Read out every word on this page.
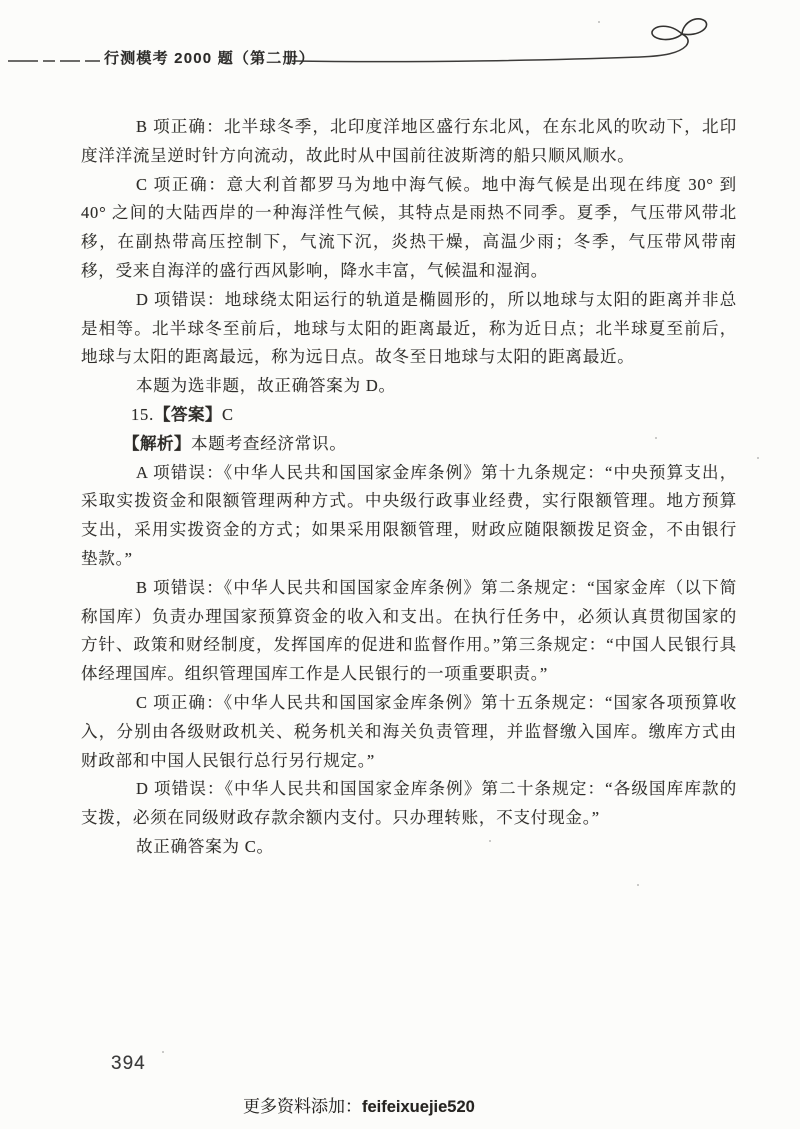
行测模考 2000 题（第二册）

B 项正确：北半球冬季，北印度洋地区盛行东北风，在东北风的吹动下，北印度洋洋流呈逆时针方向流动，故此时从中国前往波斯湾的船只顺风顺水。

C 项正确：意大利首都罗马为地中海气候。地中海气候是出现在纬度 30° 到 40° 之间的大陆西岸的一种海洋性气候，其特点是雨热不同季。夏季，气压带风带北移，在副热带高压控制下，气流下沉，炎热干燥，高温少雨；冬季，气压带风带南移，受来自海洋的盛行西风影响，降水丰富，气候温和湿润。

D 项错误：地球绕太阳运行的轨道是椭圆形的，所以地球与太阳的距离并非总是相等。北半球冬至前后，地球与太阳的距离最近，称为近日点；北半球夏至前后，地球与太阳的距离最远，称为远日点。故冬至日地球与太阳的距离最近。

本题为选非题，故正确答案为 D。

15.【答案】C

【解析】本题考查经济常识。

A 项错误：《中华人民共和国国家金库条例》第十九条规定：“中央预算支出，采取实拨资金和限额管理两种方式。中央级行政事业经费，实行限额管理。地方预算支出，采用实拨资金的方式；如果采用限额管理，财政应随限额拨足资金，不由银行垫款。”

B 项错误：《中华人民共和国国家金库条例》第二条规定：“国家金库（以下简称国库）负责办理国家预算资金的收入和支出。在执行任务中，必须认真贯彻国家的方针、政策和财经制度，发挥国库的促进和监督作用。”第三条规定：“中国人民银行具体经理国库。组织管理国库工作是人民银行的一项重要职责。”

C 项正确：《中华人民共和国国家金库条例》第十五条规定：“国家各项预算收入，分别由各级财政机关、税务机关和海关负责管理，并监督缴入国库。缴库方式由财政部和中国人民银行总行另行规定。”

D 项错误：《中华人民共和国国家金库条例》第二十条规定：“各级国库库款的支拨，必须在同级财政存款余额内支付。只办理转账，不支付现金。”

故正确答案为 C。

394
更多资料添加：feifeixuejie520
